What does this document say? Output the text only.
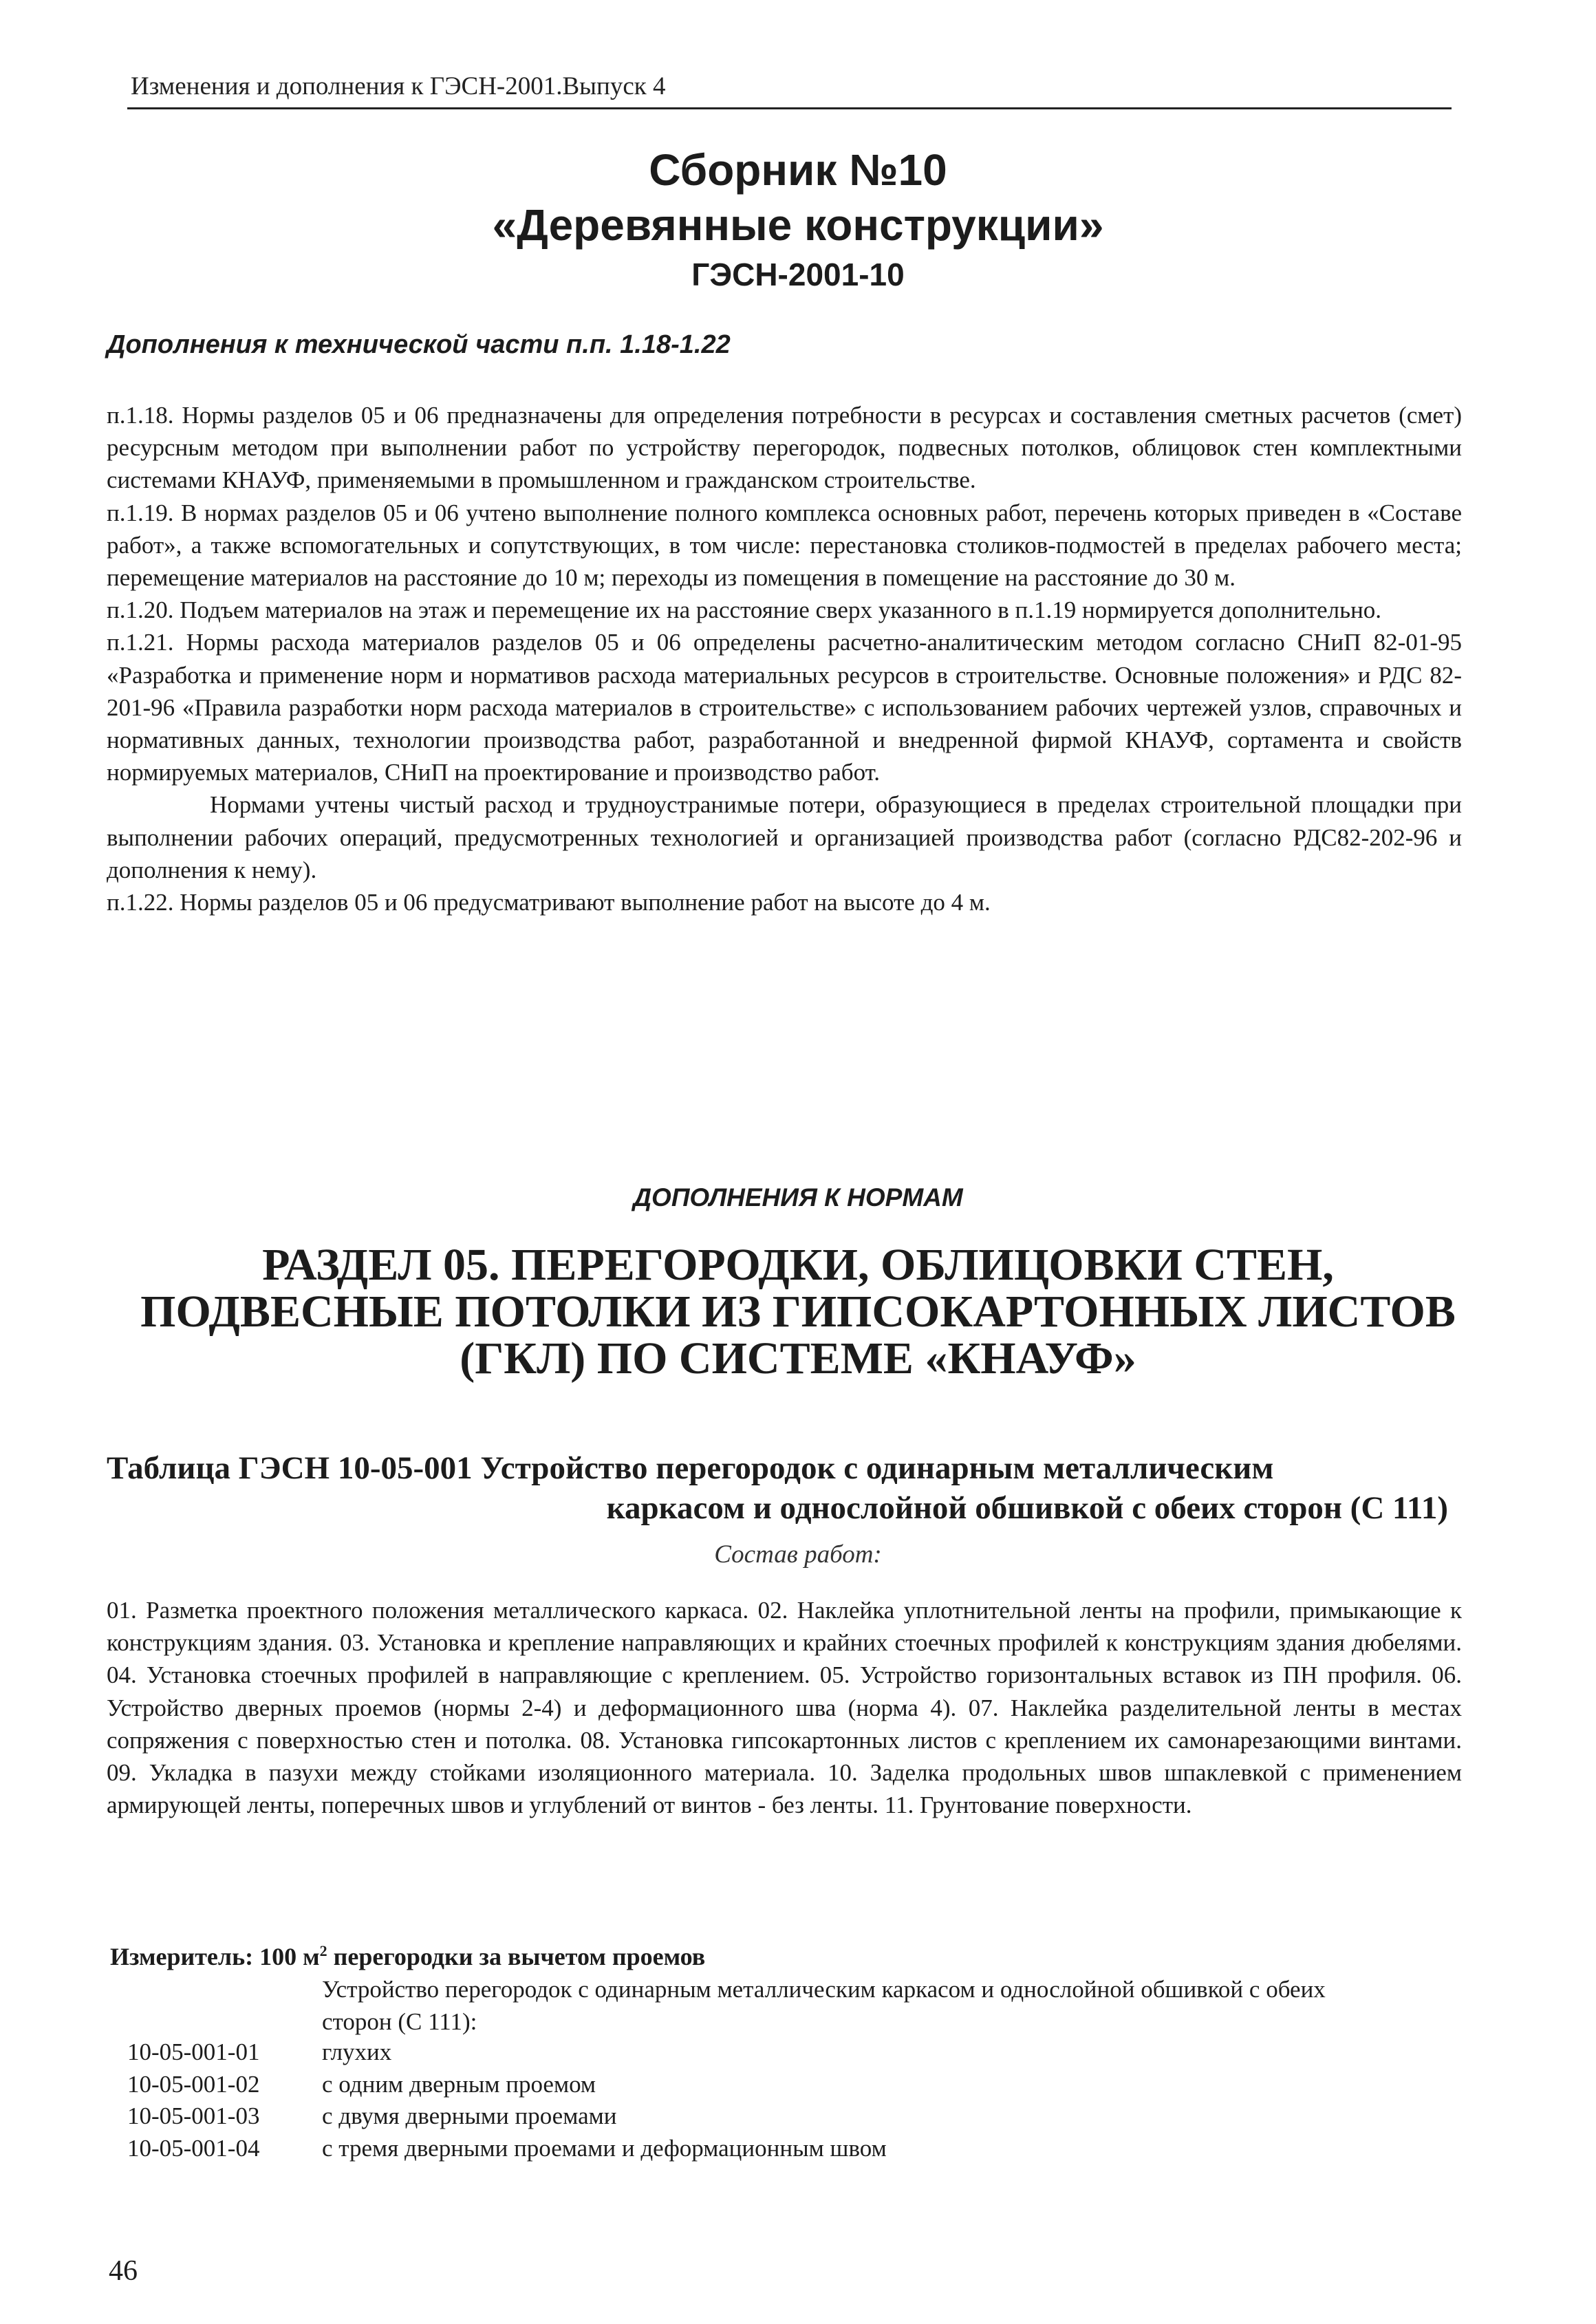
Изменения и дополнения к ГЭСН-2001.Выпуск 4
Сборник №10
«Деревянные конструкции»
ГЭСН-2001-10
Дополнения к технической части п.п. 1.18-1.22

п.1.18. Нормы разделов 05 и 06 предназначены для определения потребности в ресурсах и составления сметных расчетов (смет) ресурсным методом при выполнении работ по устройству перегородок, подвесных потолков, облицовок стен комплектными системами КНАУФ, применяемыми в промышленном и гражданском строительстве.

п.1.19. В нормах разделов 05 и 06 учтено выполнение полного комплекса основных работ, перечень которых приведен в «Составе работ», а также вспомогательных и сопутствующих, в том числе: перестановка столиков-подмостей в пределах рабочего места; перемещение материалов на расстояние до 10 м; переходы из помещения в помещение на расстояние до 30 м.

п.1.20. Подъем материалов на этаж и перемещение их на расстояние сверх указанного в п.1.19 нормируется дополнительно.

п.1.21. Нормы расхода материалов разделов 05 и 06 определены расчетно-аналитическим методом согласно СНиП 82-01-95 «Разработка и применение норм и нормативов расхода материальных ресурсов в строительстве. Основные положения» и РДС 82-201-96 «Правила разработки норм расхода материалов в строительстве» с использованием рабочих чертежей узлов, справочных и нормативных данных, технологии производства работ, разработанной и внедренной фирмой КНАУФ, сортамента и свойств нормируемых материалов, СНиП на проектирование и производство работ.

Нормами учтены чистый расход и трудноустранимые потери, образующиеся в пределах строительной площадки при выполнении рабочих операций, предусмотренных технологией и организацией производства работ (согласно РДС82-202-96 и дополнения к нему).

п.1.22. Нормы разделов 05 и 06 предусматривают выполнение работ на высоте до 4 м.

ДОПОЛНЕНИЯ К НОРМАМ
РАЗДЕЛ 05. ПЕРЕГОРОДКИ, ОБЛИЦОВКИ СТЕН,
ПОДВЕСНЫЕ ПОТОЛКИ ИЗ ГИПСОКАРТОННЫХ ЛИСТОВ
(ГКЛ) ПО СИСТЕМЕ «КНАУФ»
Таблица ГЭСН 10-05-001 Устройство перегородок с одинарным металлическим
каркасом и однослойной обшивкой с обеих сторон (С 111)
Состав работ:

01. Разметка проектного положения металлического каркаса. 02. Наклейка уплотнительной ленты на профили, примыкающие к конструкциям здания. 03. Установка и крепление направляющих и крайних стоечных профилей к конструкциям здания дюбелями. 04. Установка стоечных профилей в направляющие с креплением. 05. Устройство горизонтальных вставок из ПН профиля. 06. Устройство дверных проемов (нормы 2-4) и деформационного шва (норма 4). 07. Наклейка разделительной ленты в местах сопряжения с поверхностью стен и потолка. 08. Установка гипсокартонных листов с креплением их самонарезающими винтами. 09. Укладка в пазухи между стойками изоляционного материала. 10. Заделка продольных швов шпаклевкой с применением армирующей ленты, поперечных швов и углублений от винтов - без ленты. 11. Грунтование поверхности.

Измеритель: 100 $м^2$ перегородки за вычетом проемов
Устройство перегородок с одинарным металлическим каркасом и однослойной обшивкой с обеих сторон (С 111):
10-05-001-01	глухих
10-05-001-02	с одним дверным проемом
10-05-001-03	с двумя дверными проемами
10-05-001-04	с тремя дверными проемами и деформационным швом
46
